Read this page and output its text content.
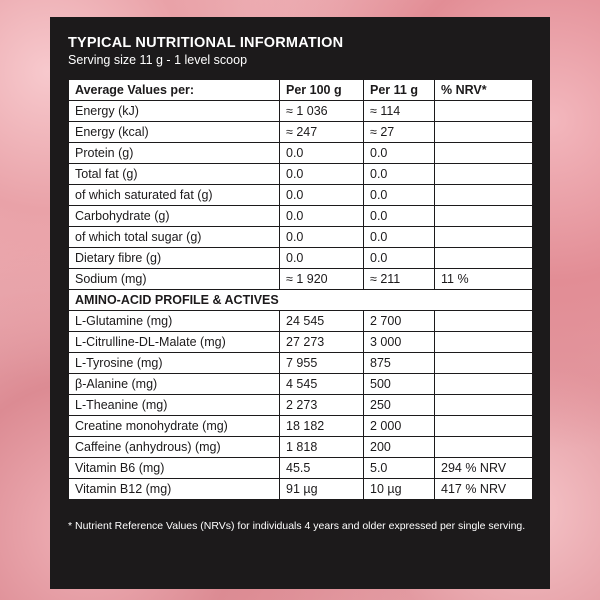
TYPICAL NUTRITIONAL INFORMATION
Serving size 11 g - 1 level scoop
Average Values per:	Per 100 g	Per 11 g	% NRV*
Energy (kJ)	≈ 1 036	≈ 114	
Energy (kcal)	≈ 247	≈ 27	
Protein (g)	0.0	0.0	
Total fat (g)	0.0	0.0	
of which saturated fat (g)	0.0	0.0	
Carbohydrate (g)	0.0	0.0	
of which total sugar (g)	0.0	0.0	
Dietary fibre (g)	0.0	0.0	
Sodium (mg)	≈ 1 920	≈ 211	11 %
AMINO-ACID PROFILE & ACTIVES			
L-Glutamine (mg)	24 545	2 700	
L-Citrulline-DL-Malate (mg)	27 273	3 000	
L-Tyrosine (mg)	7 955	875	
β-Alanine (mg)	4 545	500	
L-Theanine (mg)	2 273	250	
Creatine monohydrate (mg)	18 182	2 000	
Caffeine (anhydrous) (mg)	1 818	200	
Vitamin B6 (mg)	45.5	5.0	294 % NRV
Vitamin B12 (mg)	91 µg	10 µg	417 % NRV
* Nutrient Reference Values (NRVs) for individuals 4 years and older expressed per single serving.
